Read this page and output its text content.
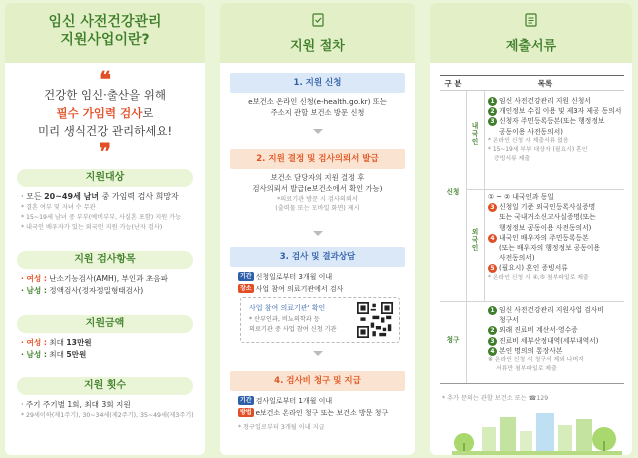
임신 사전건강관리
지원사업이란?
❝
건강한 임신·출산을 위해
필수 가임력 검사로
미리 생식건강 관리하세요!
❞
지원대상
· 모든 20~49세 남녀 중 가임력 검사 희망자
* 결혼 여부 및 자녀 수 무관
* 15~19세 남녀 중 부부(예비부부, 사실혼 포함) 지원 가능
* 내국인 배우자가 있는 외국인 지원 가능(난자 검사)
지원 검사항목
· 여성 : 난소기능검사(AMH), 부인과 초음파
· 남성 : 정액검사(정자정밀형태검사)
지원금액
· 여성 : 최대 13만원
· 남성 : 최대 5만원
지원 횟수
· 주기 주기별 1회, 최대 3회 지원
* 29세이하(제1주기), 30~34세(제2주기), 35~49세(제3주기)
지원 절차
1. 지원 신청
e보건소 온라인 신청(e-health.go.kr) 또는
주소지 관할 보건소 방문 신청
2. 지원 결정 및 검사의뢰서 발급
보건소 담당자의 지원 결정 후
검사의뢰서 발급(e보건소에서 확인 가능)
*의료기관 방문 시 검사의뢰서
(출력물 또는 모바일 화면) 제시
3. 검사 및 결과상담
기간 신청일로부터 3개월 이내
장소 사업 참여 의료기관에서 검사
사업 참여 의료기관' 확인
* 산부인과, 비뇨의학과 등
의료기관 중 사업 참여 신청 기관
4. 검사비 청구 및 지급
기간 검사일로부터 1개월 이내
방법 e보건소 온라인 청구 또는 보건소 방문 청구
* 청구일로부터 3개월 이내 지급
제출서류
구 분	목록
신청
내
국
인
외
국
인
청구
1 임신 사전건강관리 지원 신청서
2 개인정보 수집 이용 및 제3자 제공 동의서
3 신청자 주민등록등본(또는 행정정보
공동이용 사전동의서)
* 온라인 신청 시 제출서류 없음
* 15~19세 부부 대상자 (필요시) 혼인
증빙서류 제출
① ~ ② 내국인과 동일
3 신청일 기준 외국인등록사실증명
또는 국내거소신고사실증명(또는
행정정보 공동이용 사전동의서)
4 내국인 배우자의 주민등록등본
(또는 배우자의 행정정보 공동이용
사전동의서)
5 (필요시) 혼인 증빙서류
* 온라인 신청 시 ④,⑤ 첨부파일로 제출
1 임신 사전건강관리 지원사업 검사비
청구서
2 외래 진료비 계산서·영수증
3 진료비 세부산정내역(세부내역서)
4 본인 명의의 통장사본
※ 온라인 신청 시 청구서 제외 나머지
서류만 첨부파일로 제출
* 추가 문의는 관할 보건소 또는 ☎129
